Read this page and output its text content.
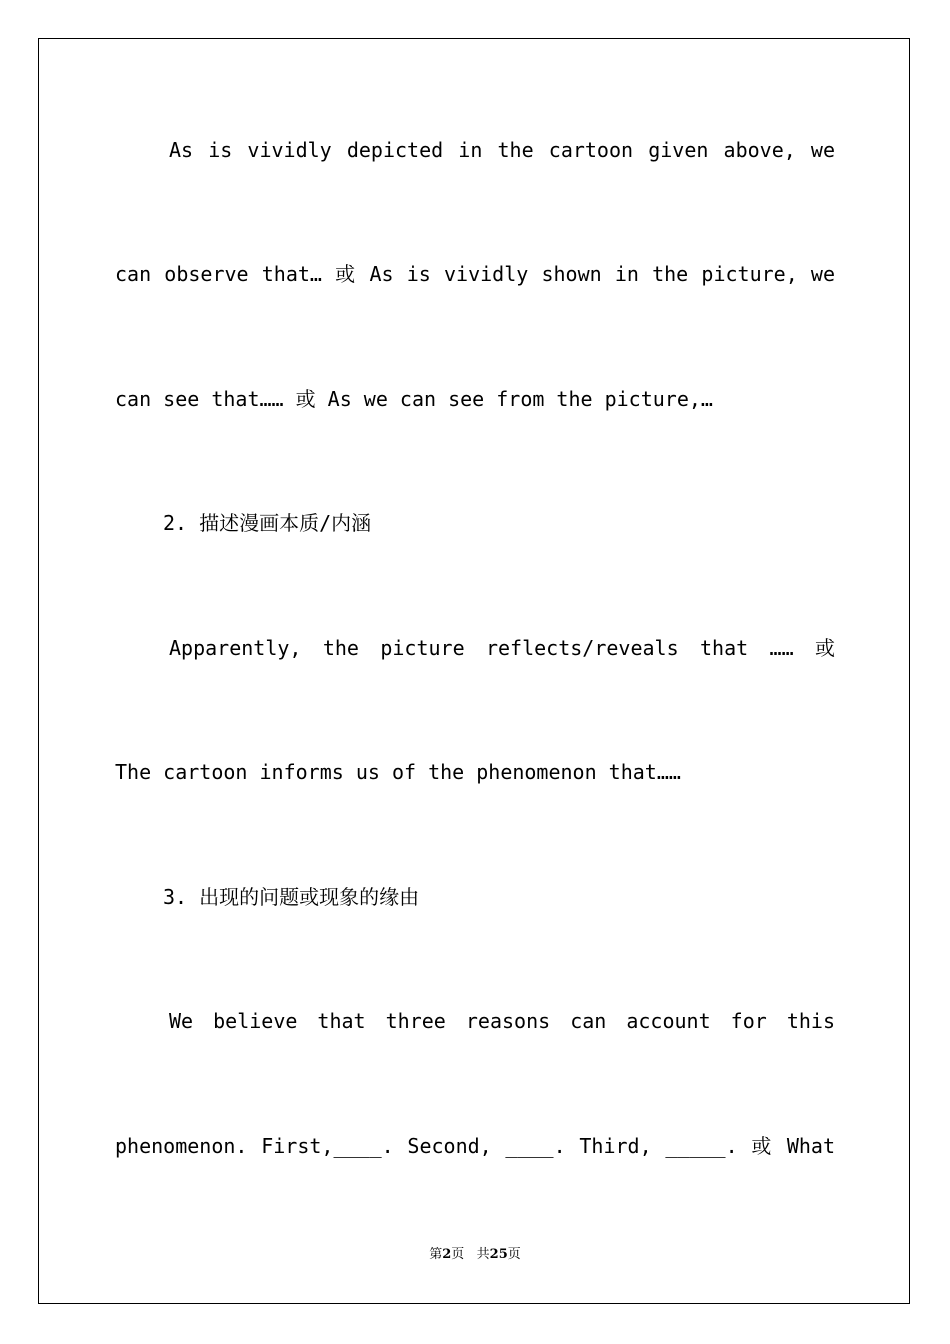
As is vividly depicted in the cartoon given above, we
can observe that… 或 As is vividly shown in the picture, we
can see that…… 或 As we can see from the picture,…
2. 描述漫画本质/内涵
Apparently, the picture reflects/reveals that …… 或
The cartoon informs us of the phenomenon that……
3. 出现的问题或现象的缘由
We believe that three reasons can account for this
phenomenon. First,____. Second, ____. Third, _____. 或 What
第2页   共25页
